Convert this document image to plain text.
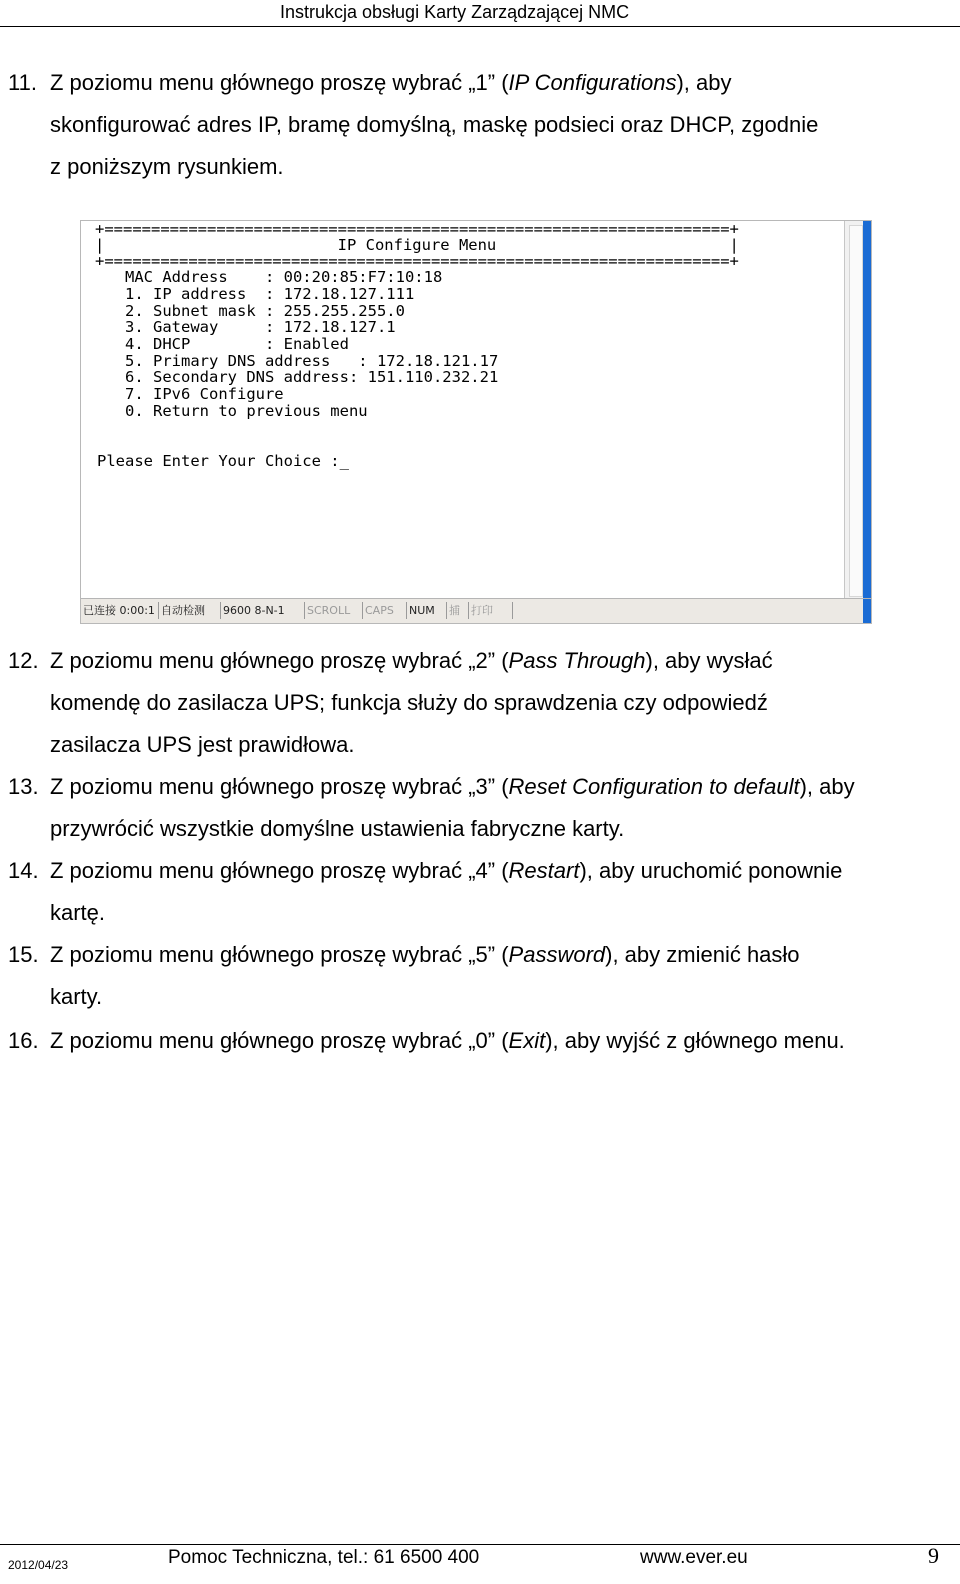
Instrukcja obsługi Karty Zarządzającej NMC
11. Z poziomu menu głównego proszę wybrać „1” (IP Configurations), aby
skonfigurować adres IP, bramę domyślną, maskę podsieci oraz DHCP, zgodnie
z poniższym rysunkiem.
+===================================================================+
|                         IP Configure Menu                         |
+===================================================================+
MAC Address    : 00:20:85:F7:10:18
1. IP address  : 172.18.127.111
2. Subnet mask : 255.255.255.0
3. Gateway     : 172.18.127.1
4. DHCP        : Enabled
5. Primary DNS address   : 172.18.121.17
6. Secondary DNS address: 151.110.232.21
7. IPv6 Configure
0. Return to previous menu
Please Enter Your Choice :_
已连接 0:00:1 自动检测	9600 8-N-1	SCROLL	CAPS	NUM	捕	打印
12. Z poziomu menu głównego proszę wybrać „2” (Pass Through), aby wysłać
komendę do zasilacza UPS; funkcja służy do sprawdzenia czy odpowiedź
zasilacza UPS jest prawidłowa.
13. Z poziomu menu głównego proszę wybrać „3” (Reset Configuration to default), aby
przywrócić wszystkie domyślne ustawienia fabryczne karty.
14. Z poziomu menu głównego proszę wybrać „4” (Restart), aby uruchomić ponownie
kartę.
15. Z poziomu menu głównego proszę wybrać „5” (Password), aby zmienić hasło
karty.
16. Z poziomu menu głównego proszę wybrać „0” (Exit), aby wyjść z głównego menu.
2012/04/23	Pomoc Techniczna, tel.: 61 6500 400	www.ever.eu	9
